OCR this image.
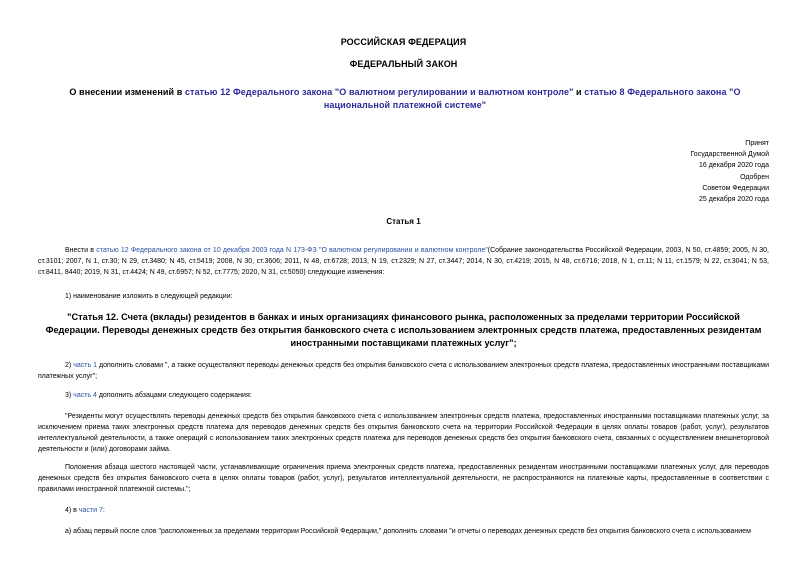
РОССИЙСКАЯ ФЕДЕРАЦИЯ
ФЕДЕРАЛЬНЫЙ ЗАКОН
О внесении изменений в статью 12 Федерального закона "О валютном регулировании и валютном контроле" и статью 8 Федерального закона "О национальной платежной системе"
Принят
Государственной Думой
16 декабря 2020 года
Одобрен
Советом Федерации
25 декабря 2020 года
Статья 1
Внести в статью 12 Федерального закона от 10 декабря 2003 года N 173-ФЗ "О валютном регулировании и валютном контроле"(Собрание законодательства Российской Федерации, 2003, N 50, ст.4859; 2005, N 30, ст.3101; 2007, N 1, ст.30; N 29, ст.3480; N 45, ст.5419; 2008, N 30, ст.3606; 2011, N 48, ст.6728; 2013, N 19, ст.2329; N 27, ст.3447; 2014, N 30, ст.4219; 2015, N 48, ст.6716; 2018, N 1, ст.11; N 11, ст.1579; N 22, ст.3041; N 53, ст.8411, 8440; 2019, N 31, ст.4424; N 49, ст.6957; N 52, ст.7775; 2020, N 31, ст.5050) следующие изменения:
1) наименование изложить в следующей редакции:
"Статья 12. Счета (вклады) резидентов в банках и иных организациях финансового рынка, расположенных за пределами территории Российской Федерации. Переводы денежных средств без открытия банковского счета с использованием электронных средств платежа, предоставленных резидентам иностранными поставщиками платежных услуг";
2) часть 1 дополнить словами ", а также осуществляют переводы денежных средств без открытия банковского счета с использованием электронных средств платежа, предоставленных иностранными поставщиками платежных услуг";
3) часть 4 дополнить абзацами следующего содержания:
"Резиденты могут осуществлять переводы денежных средств без открытия банковского счета с использованием электронных средств платежа, предоставленных иностранными поставщиками платежных услуг, за исключением приема таких электронных средств платежа для переводов денежных средств без открытия банковского счета на территории Российской Федерации в целях оплаты товаров (работ, услуг), результатов интеллектуальной деятельности, а также операций с использованием таких электронных средств платежа для переводов денежных средств без открытия банковского счета, связанных с осуществлением внешнеторговой деятельности и (или) договорами займа.
Положения абзаца шестого настоящей части, устанавливающие ограничения приема электронных средств платежа, предоставленных резидентам иностранными поставщиками платежных услуг, для переводов денежных средств без открытия банковского счета в целях оплаты товаров (работ, услуг), результатов интеллектуальной деятельности, не распространяются на платежные карты, предоставленные в соответствии с правилами иностранной платежной системы.";
4) в части 7:
а) абзац первый после слов "расположенных за пределами территории Российской Федерации," дополнить словами "и отчеты о переводах денежных средств без открытия банковского счета с использованием
